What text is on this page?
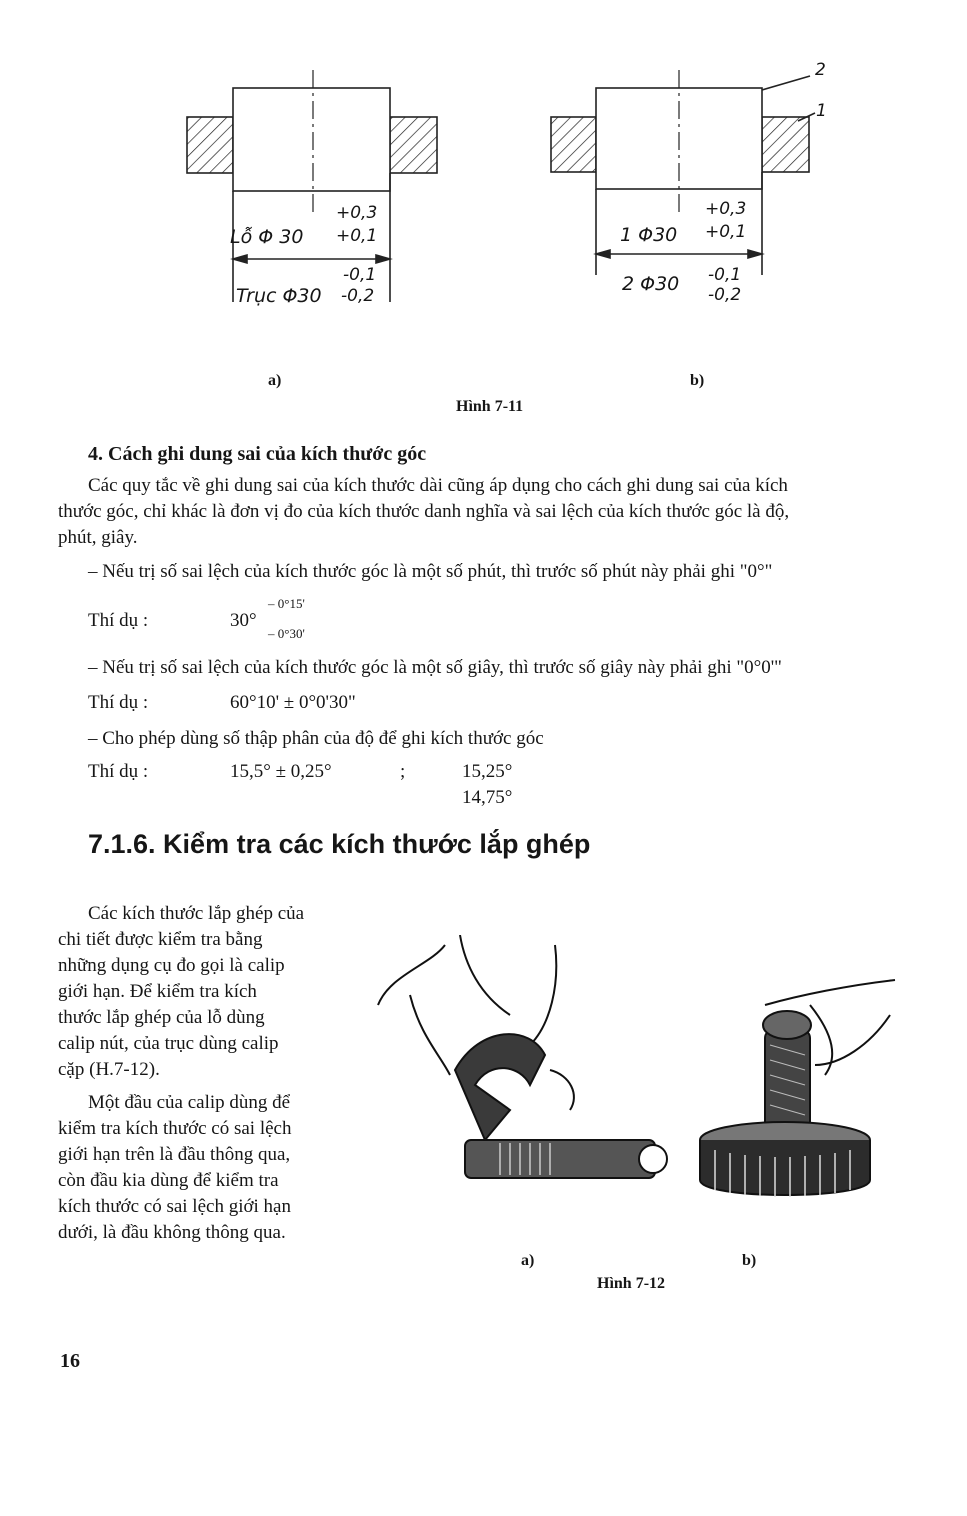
+0,3
Lỗ Φ 30 +0,1
-0,1
Trục Φ30 -0,2
+0,3
1 Φ30 +0,1
2 Φ30 -0,1
-0,2
2
1
a)	b)
Hình 7-11
4. Cách ghi dung sai của kích thước góc
Các quy tắc về ghi dung sai của kích thước dài cũng áp dụng cho cách ghi dung sai của kích
thước góc, chỉ khác là đơn vị đo của kích thước danh nghĩa và sai lệch của kích thước góc là độ,
phút, giây.
– Nếu trị số sai lệch của kích thước góc là một số phút, thì trước số phút này phải ghi "0°"
Thí dụ :	30°
– 0°15'
– 0°30'
– Nếu trị số sai lệch của kích thước góc là một số giây, thì trước số giây này phải ghi "0°0'"
Thí dụ :	60°10' ± 0°0'30"
– Cho phép dùng số thập phân của độ để ghi kích thước góc
Thí dụ :	15,5° ± 0,25°	;	15,25°
14,75°
7.1.6. Kiểm tra các kích thước lắp ghép
Các kích thước lắp ghép của
chi tiết được kiểm tra bằng
những dụng cụ đo gọi là calip
giới hạn. Để kiểm tra kích
thước lắp ghép của lỗ dùng
calip nút, của trục dùng calip
cặp (H.7-12).
Một đầu của calip dùng để
kiểm tra kích thước có sai lệch
giới hạn trên là đầu thông qua,
còn đầu kia dùng để kiểm tra
kích thước có sai lệch giới hạn
dưới, là đầu không thông qua.
a)	b)
Hình 7-12
16
